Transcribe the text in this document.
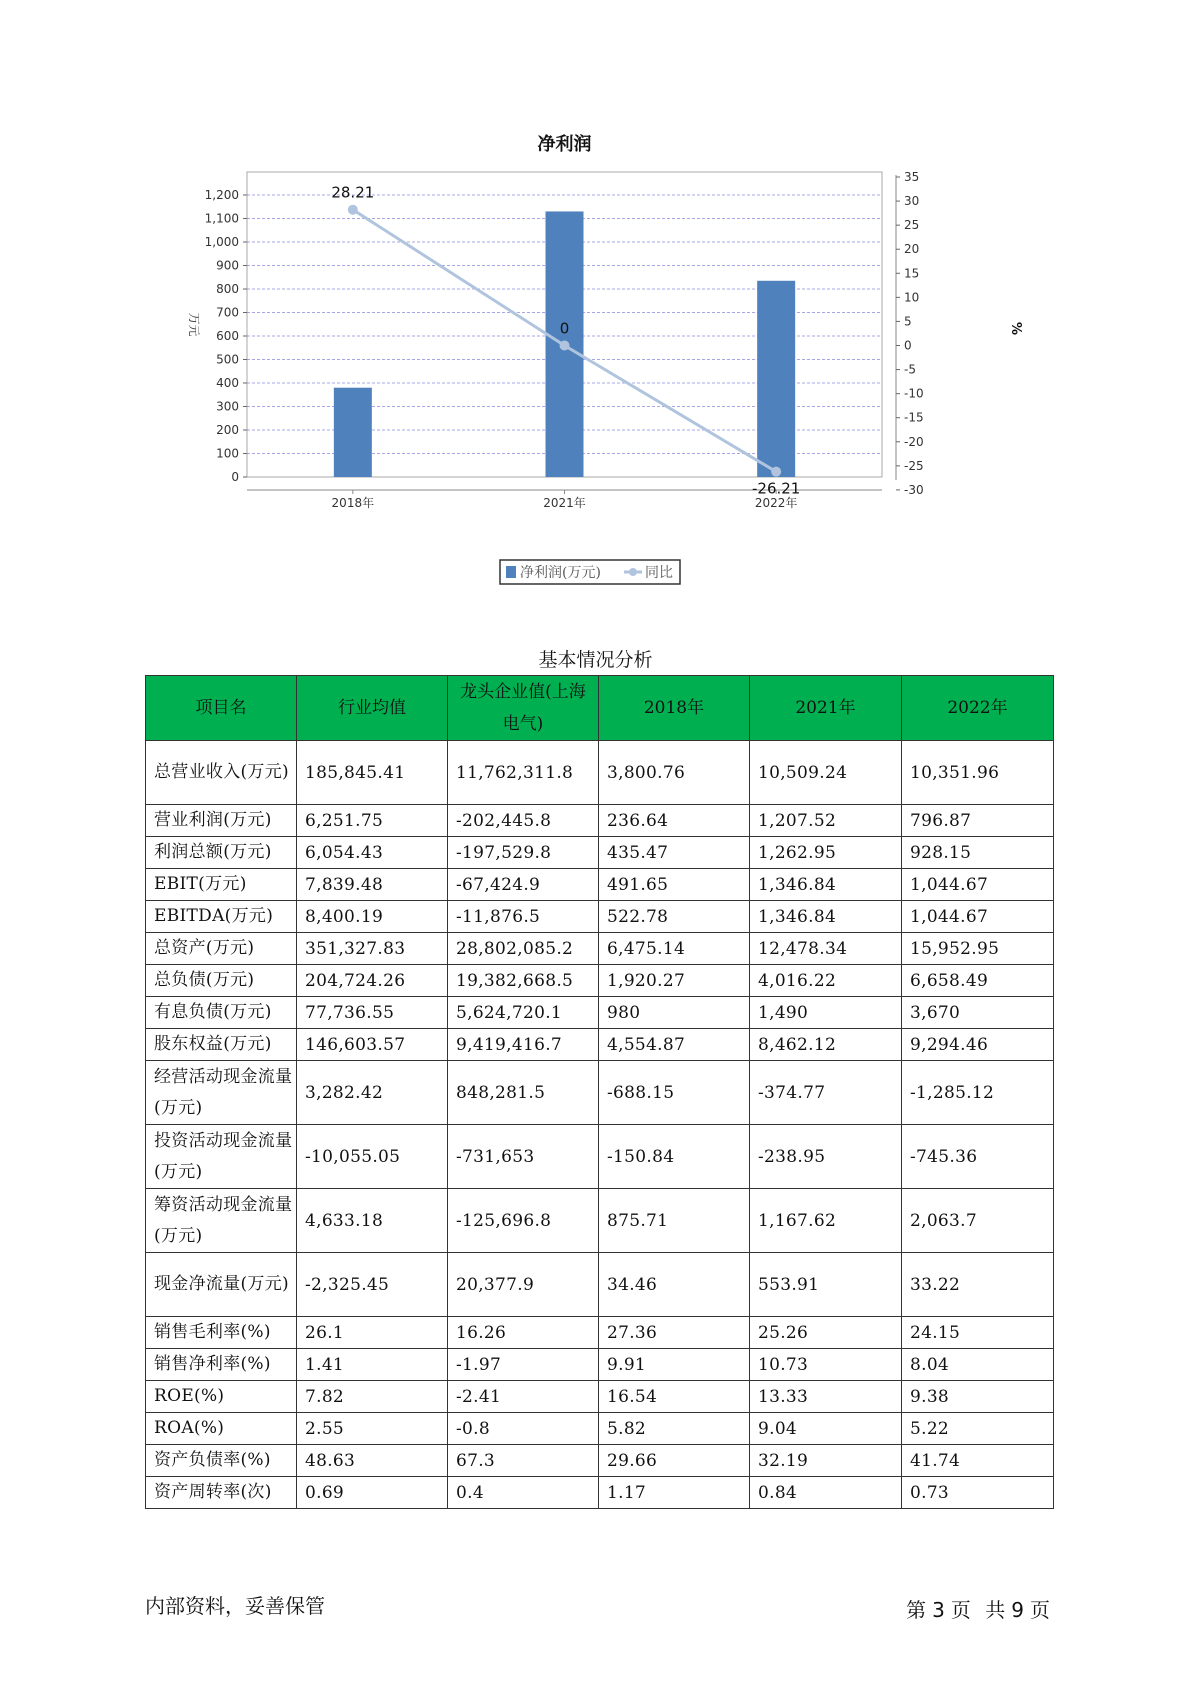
净利润
0
100
200
300
400
500
600
700
800
900
1,000
1,100
1,200
万元
-30
-25
-20
-15
-10
-5
0
5
10
15
20
25
30
35
%
2018年	2021年	2022年
28.21
0
-26.21
净利润(万元)	同比
基本情况分析
项目名	行业均值	龙头企业值(上海电气)	2018年	2021年	2022年
总营业收入(万元)	185,845.41	11,762,311.8	3,800.76	10,509.24	10,351.96
营业利润(万元)	6,251.75	-202,445.8	236.64	1,207.52	796.87
利润总额(万元)	6,054.43	-197,529.8	435.47	1,262.95	928.15
EBIT(万元)	7,839.48	-67,424.9	491.65	1,346.84	1,044.67
EBITDA(万元)	8,400.19	-11,876.5	522.78	1,346.84	1,044.67
总资产(万元)	351,327.83	28,802,085.2	6,475.14	12,478.34	15,952.95
总负债(万元)	204,724.26	19,382,668.5	1,920.27	4,016.22	6,658.49
有息负债(万元)	77,736.55	5,624,720.1	980	1,490	3,670
股东权益(万元)	146,603.57	9,419,416.7	4,554.87	8,462.12	9,294.46
经营活动现金流量(万元)	3,282.42	848,281.5	-688.15	-374.77	-1,285.12
投资活动现金流量(万元)	-10,055.05	-731,653	-150.84	-238.95	-745.36
筹资活动现金流量(万元)	4,633.18	-125,696.8	875.71	1,167.62	2,063.7
现金净流量(万元)	-2,325.45	20,377.9	34.46	553.91	33.22
销售毛利率(%)	26.1	16.26	27.36	25.26	24.15
销售净利率(%)	1.41	-1.97	9.91	10.73	8.04
ROE(%)	7.82	-2.41	16.54	13.33	9.38
ROA(%)	2.55	-0.8	5.82	9.04	5.22
资产负债率(%)	48.63	67.3	29.66	32.19	41.74
资产周转率(次)	0.69	0.4	1.17	0.84	0.73
内部资料，妥善保管	第 3 页 共 9 页
